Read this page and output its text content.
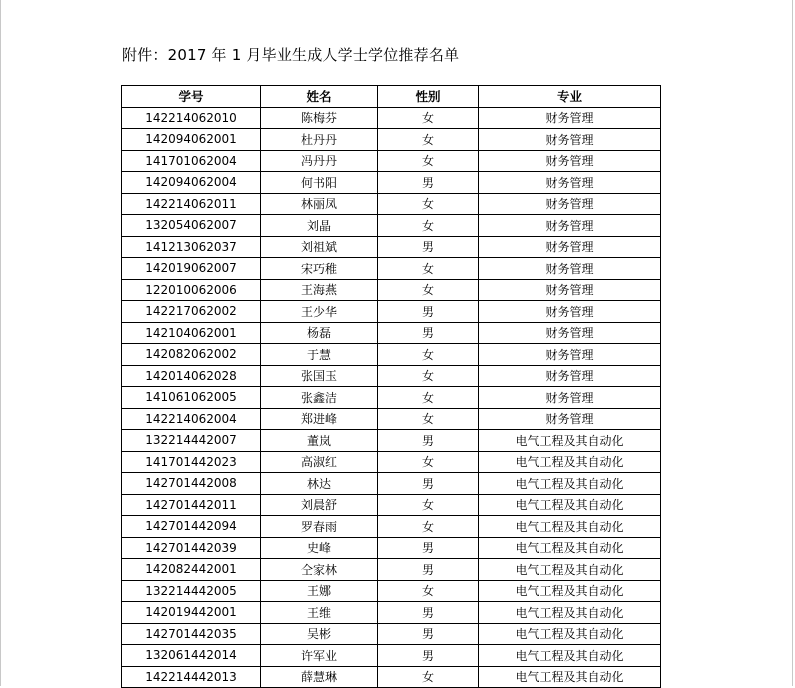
附件：2017 年 1 月毕业生成人学士学位推荐名单
学号	姓名	性别	专业
142214062010	陈梅芬	女	财务管理
142094062001	杜丹丹	女	财务管理
141701062004	冯丹丹	女	财务管理
142094062004	何书阳	男	财务管理
142214062011	林丽凤	女	财务管理
132054062007	刘晶	女	财务管理
141213062037	刘祖斌	男	财务管理
142019062007	宋巧稚	女	财务管理
122010062006	王海燕	女	财务管理
142217062002	王少华	男	财务管理
142104062001	杨磊	男	财务管理
142082062002	于慧	女	财务管理
142014062028	张国玉	女	财务管理
141061062005	张鑫洁	女	财务管理
142214062004	郑进峰	女	财务管理
132214442007	董岚	男	电气工程及其自动化
141701442023	高淑红	女	电气工程及其自动化
142701442008	林达	男	电气工程及其自动化
142701442011	刘晨舒	女	电气工程及其自动化
142701442094	罗春雨	女	电气工程及其自动化
142701442039	史峰	男	电气工程及其自动化
142082442001	仝家林	男	电气工程及其自动化
132214442005	王娜	女	电气工程及其自动化
142019442001	王维	男	电气工程及其自动化
142701442035	吴彬	男	电气工程及其自动化
132061442014	许军业	男	电气工程及其自动化
142214442013	薛慧琳	女	电气工程及其自动化
